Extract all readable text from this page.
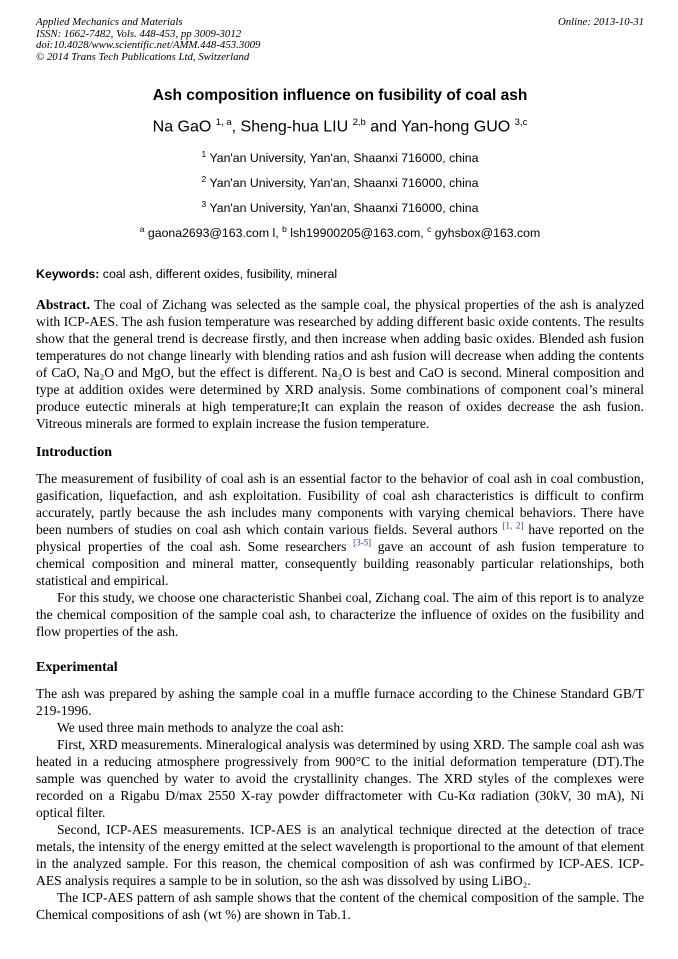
Applied Mechanics and Materials
ISSN: 1662-7482, Vols. 448-453, pp 3009-3012
doi:10.4028/www.scientific.net/AMM.448-453.3009
© 2014 Trans Tech Publications Ltd, Switzerland
Online: 2013-10-31
Ash composition influence on fusibility of coal ash
Na GaO $^{1, a}$, Sheng-hua LIU $^{2,b}$ and Yan-hong GUO $^{3,c}$
$^1$ Yan'an University, Yan'an, Shaanxi 716000, china
$^2$ Yan'an University, Yan'an, Shaanxi 716000, china
$^3$ Yan'an University, Yan'an, Shaanxi 716000, china
$^a$ gaona2693@163.com l, $^b$ lsh19900205@163.com, $^c$ gyhsbox@163.com
Keywords: coal ash, different oxides, fusibility, mineral
Abstract. The coal of Zichang was selected as the sample coal, the physical properties of the ash is analyzed with ICP-AES. The ash fusion temperature was researched by adding different basic oxide contents. The results show that the general trend is decrease firstly, and then increase when adding basic oxides. Blended ash fusion temperatures do not change linearly with blending ratios and ash fusion will decrease when adding the contents of CaO, Na₂O and MgO, but the effect is different. Na₂O is best and CaO is second. Mineral composition and type at addition oxides were determined by XRD analysis. Some combinations of component coal’s mineral produce eutectic minerals at high temperature;It can explain the reason of oxides decrease the ash fusion. Vitreous minerals are formed to explain increase the fusion temperature.
Introduction

The measurement of fusibility of coal ash is an essential factor to the behavior of coal ash in coal combustion, gasification, liquefaction, and ash exploitation. Fusibility of coal ash characteristics is difficult to confirm accurately, partly because the ash includes many components with varying chemical behaviors. There have been numbers of studies on coal ash which contain various fields. Several authors [1, 2] have reported on the physical properties of the coal ash. Some researchers [3-5] gave an account of ash fusion temperature to chemical composition and mineral matter, consequently building reasonably particular relationships, both statistical and empirical.

For this study, we choose one characteristic Shanbei coal, Zichang coal. The aim of this report is to analyze the chemical composition of the sample coal ash, to characterize the influence of oxides on the fusibility and flow properties of the ash.

Experimental

The ash was prepared by ashing the sample coal in a muffle furnace according to the Chinese Standard GB/T 219-1996.

We used three main methods to analyze the coal ash:

First, XRD measurements. Mineralogical analysis was determined by using XRD. The sample coal ash was heated in a reducing atmosphere progressively from 900°C to the initial deformation temperature (DT).The sample was quenched by water to avoid the crystallinity changes. The XRD styles of the complexes were recorded on a Rigabu D/max 2550 X-ray powder diffractometer with Cu-Kα radiation (30kV, 30 mA), Ni optical filter.

Second, ICP-AES measurements. ICP-AES is an analytical technique directed at the detection of trace metals, the intensity of the energy emitted at the select wavelength is proportional to the amount of that element in the analyzed sample. For this reason, the chemical composition of ash was confirmed by ICP-AES. ICP-AES analysis requires a sample to be in solution, so the ash was dissolved by using LiBO₂.

The ICP-AES pattern of ash sample shows that the content of the chemical composition of the sample. The Chemical compositions of ash (wt %) are shown in Tab.1.
